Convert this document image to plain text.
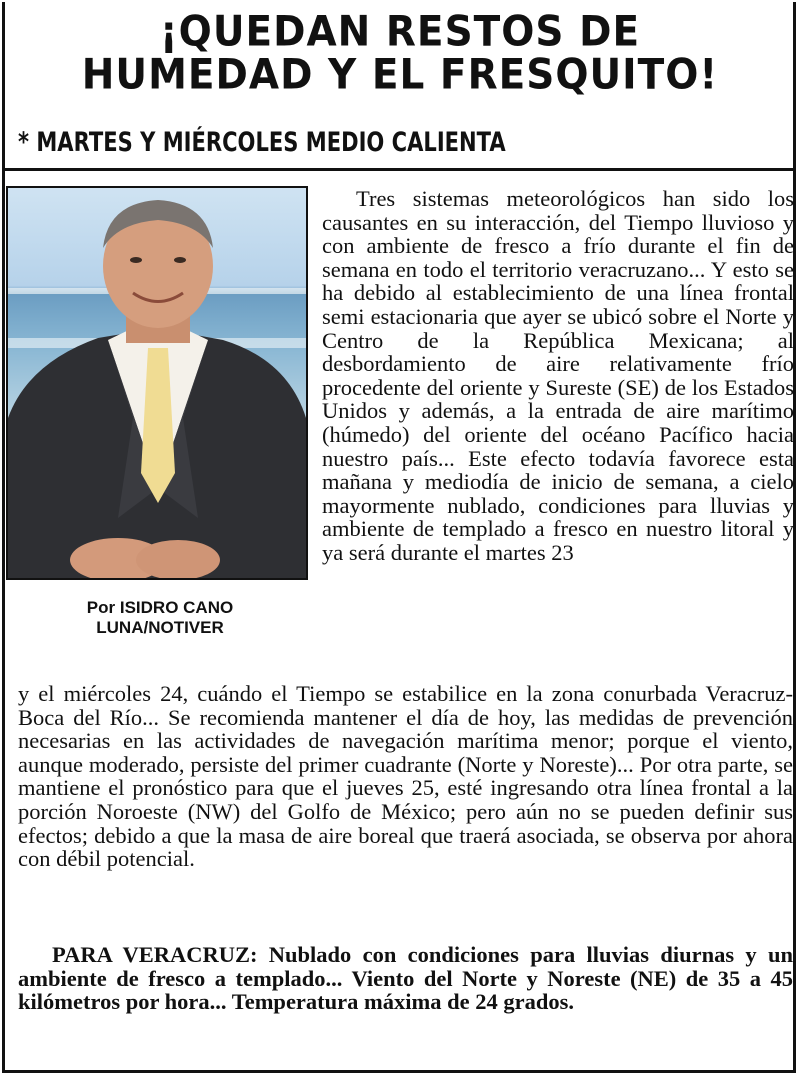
¡QUEDAN RESTOS DE
HUMEDAD Y EL FRESQUITO!
* MARTES Y MIÉRCOLES MEDIO CALIENTA
Por ISIDRO CANO
LUNA/NOTIVER

Tres sistemas meteorológicos han sido los causantes en su interacción, del Tiempo lluvioso y con ambiente de fresco a frío durante el fin de semana en todo el territorio veracruzano... Y esto se ha debido al establecimiento de una línea frontal semi estacionaria que ayer se ubicó sobre el Norte y Centro de la República Mexicana; al desbordamiento de aire relativamente frío procedente del oriente y Sureste (SE) de los Estados Unidos y además, a la entrada de aire marítimo (húmedo) del oriente del océano Pacífico hacia nuestro país... Este efecto todavía favorece esta mañana y mediodía de inicio de semana, a cielo mayormente nublado, condiciones para lluvias y ambiente de templado a fresco en nuestro litoral y ya será durante el martes 23

y el miércoles 24, cuándo el Tiempo se estabilice en la zona conurbada Veracruz-Boca del Río... Se recomienda mantener el día de hoy, las medidas de prevención necesarias en las actividades de navegación marítima menor; porque el viento, aunque moderado, persiste del primer cuadrante (Norte y Noreste)... Por otra parte, se mantiene el pronóstico para que el jueves 25, esté ingresando otra línea frontal a la porción Noroeste (NW) del Golfo de México; pero aún no se pueden definir sus efectos; debido a que la masa de aire boreal que traerá asociada, se observa por ahora con débil potencial.

PARA VERACRUZ: Nublado con condiciones para lluvias diurnas y un ambiente de fresco a templado... Viento del Norte y Noreste (NE) de 35 a 45 kilómetros por hora... Temperatura máxima de 24 grados.
